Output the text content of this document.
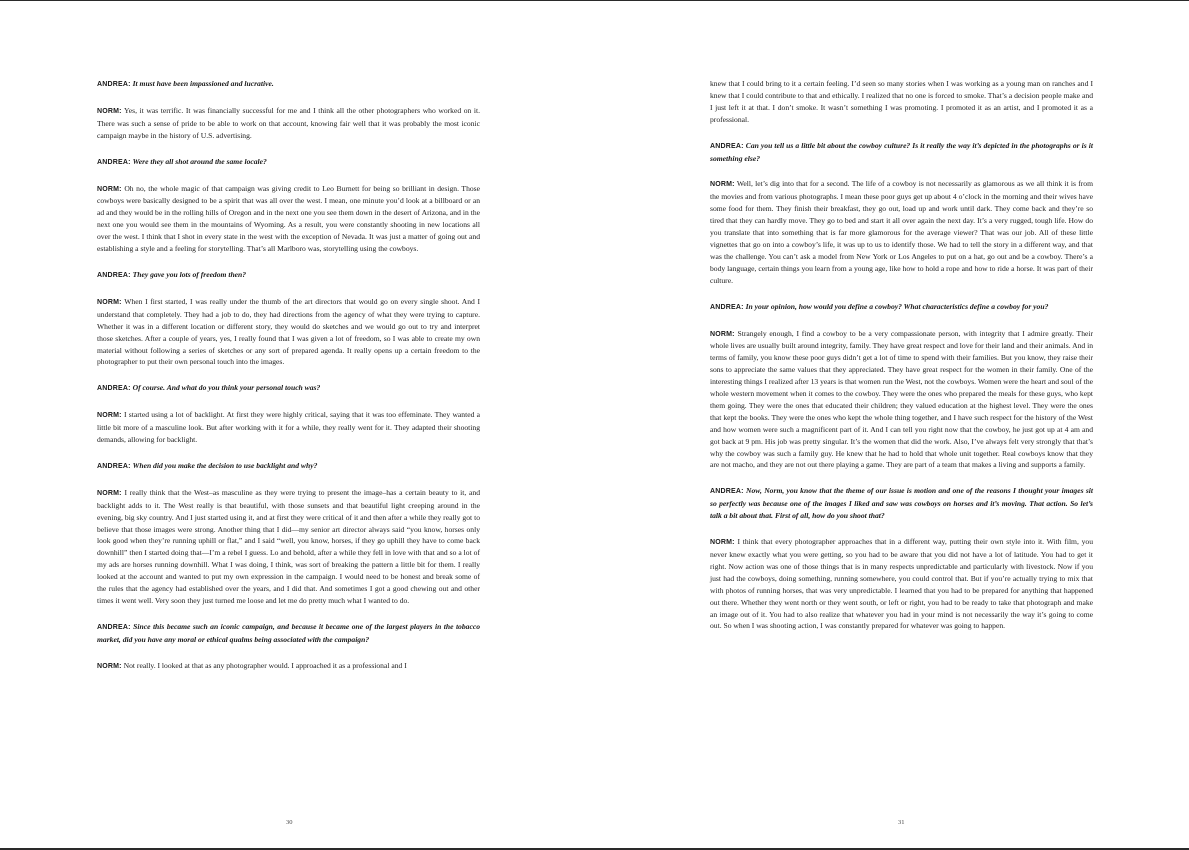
ANDREA: It must have been impassioned and lucrative.

NORM: Yes, it was terrific. It was financially successful for me and I think all the other photographers who worked on it. There was such a sense of pride to be able to work on that account, knowing fair well that it was probably the most iconic campaign maybe in the history of U.S. advertising.

ANDREA: Were they all shot around the same locale?

NORM: Oh no, the whole magic of that campaign was giving credit to Leo Burnett for being so brilliant in design. Those cowboys were basically designed to be a spirit that was all over the west. I mean, one minute you’d look at a billboard or an ad and they would be in the rolling hills of Oregon and in the next one you see them down in the desert of Arizona, and in the next one you would see them in the mountains of Wyoming. As a result, you were constantly shooting in new locations all over the west. I think that I shot in every state in the west with the exception of Nevada. It was just a matter of going out and establishing a style and a feeling for storytelling. That’s all Marlboro was, storytelling using the cowboys.

ANDREA: They gave you lots of freedom then?

NORM: When I first started, I was really under the thumb of the art directors that would go on every single shoot. And I understand that completely. They had a job to do, they had directions from the agency of what they were trying to capture. Whether it was in a different location or different story, they would do sketches and we would go out to try and interpret those sketches. After a couple of years, yes, I really found that I was given a lot of freedom, so I was able to create my own material without following a series of sketches or any sort of prepared agenda. It really opens up a certain freedom to the photographer to put their own personal touch into the images.

ANDREA: Of course. And what do you think your personal touch was?

NORM: I started using a lot of backlight. At first they were highly critical, saying that it was too effeminate. They wanted a little bit more of a masculine look. But after working with it for a while, they really went for it. They adapted their shooting demands, allowing for backlight.

ANDREA: When did you make the decision to use backlight and why?

NORM: I really think that the West–as masculine as they were trying to present the image–has a certain beauty to it, and backlight adds to it. The West really is that beautiful, with those sunsets and that beautiful light creeping around in the evening, big sky country. And I just started using it, and at first they were critical of it and then after a while they really got to believe that those images were strong. Another thing that I did—my senior art director always said “you know, horses only look good when they’re running uphill or flat,” and I said “well, you know, horses, if they go uphill they have to come back downhill” then I started doing that—I’m a rebel I guess. Lo and behold, after a while they fell in love with that and so a lot of my ads are horses running downhill. What I was doing, I think, was sort of breaking the pattern a little bit for them. I really looked at the account and wanted to put my own expression in the campaign. I would need to be honest and break some of the rules that the agency had established over the years, and I did that. And sometimes I got a good chewing out and other times it went well. Very soon they just turned me loose and let me do pretty much what I wanted to do.

ANDREA: Since this became such an iconic campaign, and because it became one of the largest players in the tobacco market, did you have any moral or ethical qualms being associated with the campaign?

NORM: Not really. I looked at that as any photographer would. I approached it as a professional and I

knew that I could bring to it a certain feeling. I’d seen so many stories when I was working as a young man on ranches and I knew that I could contribute to that and ethically. I realized that no one is forced to smoke. That’s a decision people make and I just left it at that. I don’t smoke. It wasn’t something I was promoting. I promoted it as an artist, and I promoted it as a professional.

ANDREA: Can you tell us a little bit about the cowboy culture? Is it really the way it’s depicted in the photographs or is it something else?

NORM: Well, let’s dig into that for a second. The life of a cowboy is not necessarily as glamorous as we all think it is from the movies and from various photographs. I mean these poor guys get up about 4 o’clock in the morning and their wives have some food for them. They finish their breakfast, they go out, load up and work until dark. They come back and they’re so tired that they can hardly move. They go to bed and start it all over again the next day. It’s a very rugged, tough life. How do you translate that into something that is far more glamorous for the average viewer? That was our job. All of these little vignettes that go on into a cowboy’s life, it was up to us to identify those. We had to tell the story in a different way, and that was the challenge. You can’t ask a model from New York or Los Angeles to put on a hat, go out and be a cowboy. There’s a body language, certain things you learn from a young age, like how to hold a rope and how to ride a horse. It was part of their culture.

ANDREA: In your opinion, how would you define a cowboy? What characteristics define a cowboy for you?

NORM: Strangely enough, I find a cowboy to be a very compassionate person, with integrity that I admire greatly. Their whole lives are usually built around integrity, family. They have great respect and love for their land and their animals. And in terms of family, you know these poor guys didn’t get a lot of time to spend with their families. But you know, they raise their sons to appreciate the same values that they appreciated. They have great respect for the women in their family. One of the interesting things I realized after 13 years is that women run the West, not the cowboys. Women were the heart and soul of the whole western movement when it comes to the cowboy. They were the ones who prepared the meals for these guys, who kept them going. They were the ones that educated their children; they valued education at the highest level. They were the ones that kept the books. They were the ones who kept the whole thing together, and I have such respect for the history of the West and how women were such a magnificent part of it. And I can tell you right now that the cowboy, he just got up at 4 am and got back at 9 pm. His job was pretty singular. It’s the women that did the work. Also, I’ve always felt very strongly that that’s why the cowboy was such a family guy. He knew that he had to hold that whole unit together. Real cowboys know that they are not macho, and they are not out there playing a game. They are part of a team that makes a living and supports a family.

ANDREA: Now, Norm, you know that the theme of our issue is motion and one of the reasons I thought your images sit so perfectly was because one of the images I liked and saw was cowboys on horses and it’s moving. That action. So let’s talk a bit about that. First of all, how do you shoot that?

NORM: I think that every photographer approaches that in a different way, putting their own style into it. With film, you never knew exactly what you were getting, so you had to be aware that you did not have a lot of latitude. You had to get it right. Now action was one of those things that is in many respects unpredictable and particularly with livestock. Now if you just had the cowboys, doing something, running somewhere, you could control that. But if you’re actually trying to mix that with photos of running horses, that was very unpredictable. I learned that you had to be prepared for anything that happened out there. Whether they went north or they went south, or left or right, you had to be ready to take that photograph and make an image out of it. You had to also realize that whatever you had in your mind is not necessarily the way it’s going to come out. So when I was shooting action, I was constantly prepared for whatever was going to happen.

30	31
